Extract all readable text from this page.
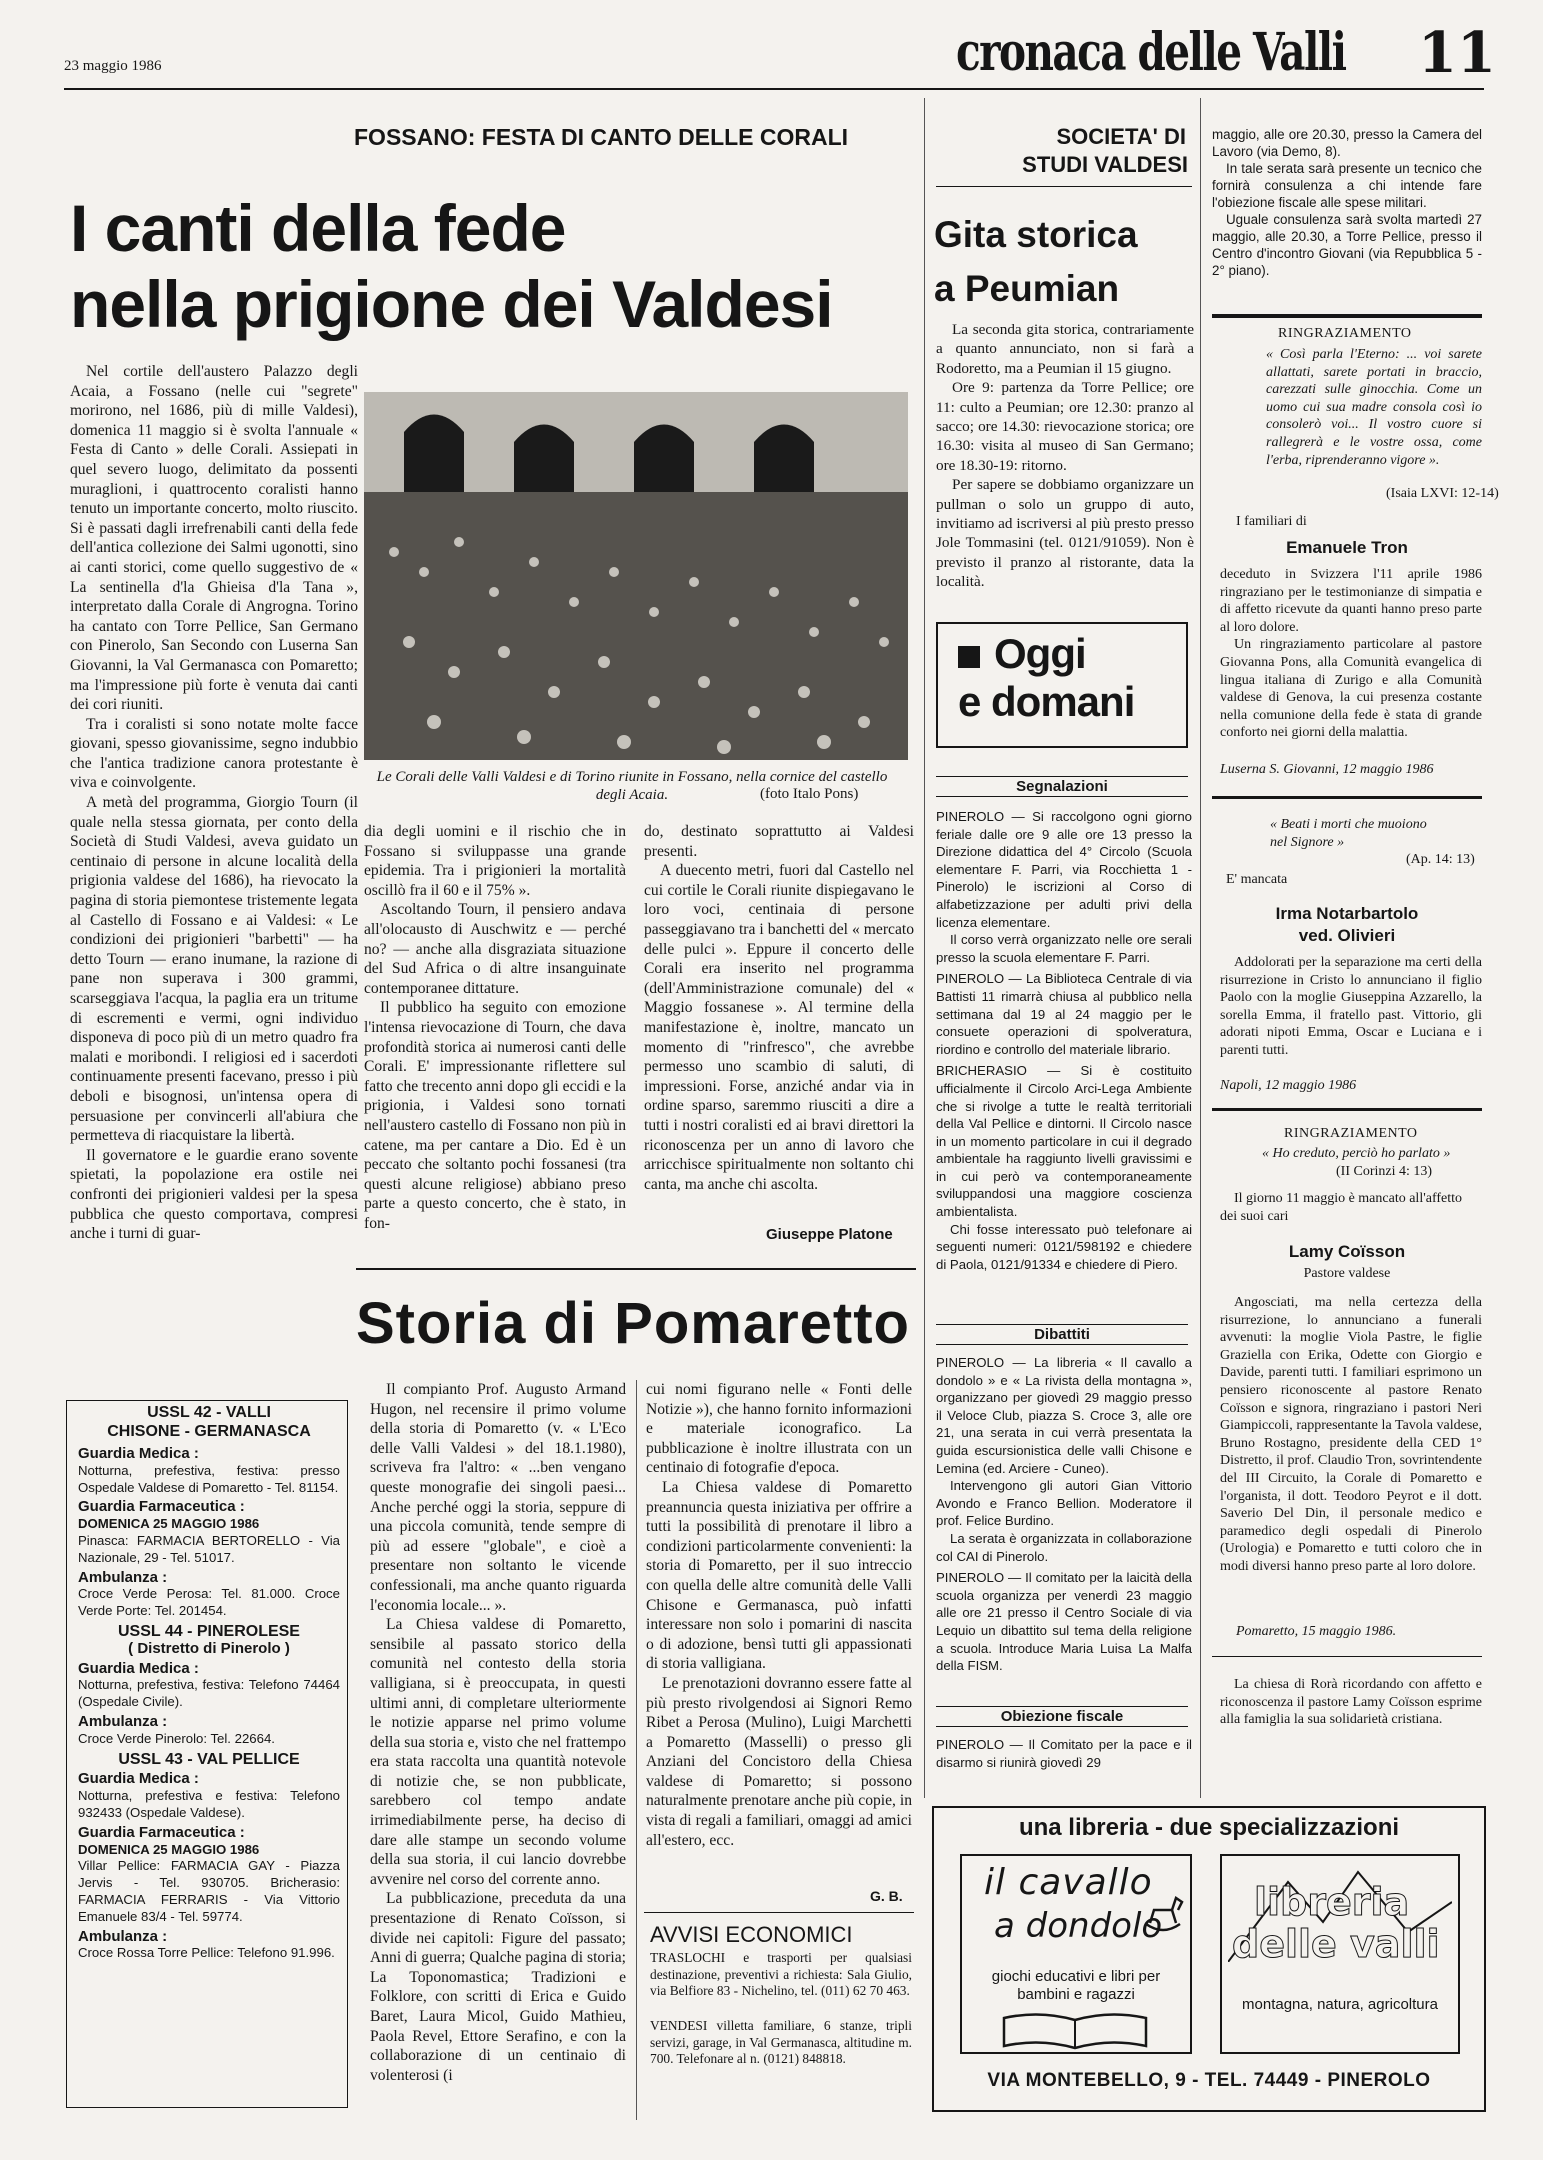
23 maggio 1986	cronaca delle Valli 11
FOSSANO: FESTA DI CANTO DELLE CORALI
I canti della fede
nella prigione dei Valdesi

Nel cortile dell'austero Palazzo degli Acaia, a Fossano (nelle cui "segrete" morirono, nel 1686, più di mille Valdesi), domenica 11 maggio si è svolta l'annuale « Festa di Canto » delle Corali. Assiepati in quel severo luogo, delimitato da possenti muraglioni, i quattrocento coralisti hanno tenuto un importante concerto, molto riuscito. Si è passati dagli irrefrenabili canti della fede dell'antica collezione dei Salmi ugonotti, sino ai canti storici, come quello suggestivo de « La sentinella d'la Ghieisa d'la Tana », interpretato dalla Corale di Angrogna. Torino ha cantato con Torre Pellice, San Germano con Pinerolo, San Secondo con Luserna San Giovanni, la Val Germanasca con Pomaretto; ma l'impressione più forte è venuta dai canti dei cori riuniti.

Tra i coralisti si sono notate molte facce giovani, spesso giovanissime, segno indubbio che l'antica tradizione canora protestante è viva e coinvolgente.

A metà del programma, Giorgio Tourn (il quale nella stessa giornata, per conto della Società di Studi Valdesi, aveva guidato un centinaio di persone in alcune località della prigionia valdese del 1686), ha rievocato la pagina di storia piemontese tristemente legata al Castello di Fossano e ai Valdesi: « Le condizioni dei prigionieri "barbetti" — ha detto Tourn — erano inumane, la razione di pane non superava i 300 grammi, scarseggiava l'acqua, la paglia era un tritume di escrementi e vermi, ogni individuo disponeva di poco più di un metro quadro fra malati e moribondi. I religiosi ed i sacerdoti continuamente presenti facevano, presso i più deboli e bisognosi, un'intensa opera di persuasione per convincerli all'abiura che permetteva di riacquistare la libertà.

Il governatore e le guardie erano sovente spietati, la popolazione era ostile nei confronti dei prigionieri valdesi per la spesa pubblica che questo comportava, compresi anche i turni di guar-

Le Corali delle Valli Valdesi e di Torino riunite in Fossano, nella cornice del castello degli Acaia.	(foto Italo Pons)

dia degli uomini e il rischio che in Fossano si sviluppasse una grande epidemia. Tra i prigionieri la mortalità oscillò fra il 60 e il 75% ».

Ascoltando Tourn, il pensiero andava all'olocausto di Auschwitz e — perché no? — anche alla disgraziata situazione del Sud Africa o di altre insanguinate contemporanee dittature.

Il pubblico ha seguito con emozione l'intensa rievocazione di Tourn, che dava profondità storica ai numerosi canti delle Corali. E' impressionante riflettere sul fatto che trecento anni dopo gli eccidi e la prigionia, i Valdesi sono tornati nell'austero castello di Fossano non più in catene, ma per cantare a Dio. Ed è un peccato che soltanto pochi fossanesi (tra questi alcune religiose) abbiano preso parte a questo concerto, che è stato, in fon-

do, destinato soprattutto ai Valdesi presenti.

A duecento metri, fuori dal Castello nel cui cortile le Corali riunite dispiegavano le loro voci, centinaia di persone passeggiavano tra i banchetti del « mercato delle pulci ». Eppure il concerto delle Corali era inserito nel programma (dell'Amministrazione comunale) del « Maggio fossanese ». Al termine della manifestazione è, inoltre, mancato un momento di "rinfresco", che avrebbe permesso uno scambio di saluti, di impressioni. Forse, anziché andar via in ordine sparso, saremmo riusciti a dire a tutti i nostri coralisti ed ai bravi direttori la riconoscenza per un anno di lavoro che arricchisce spiritualmente non soltanto chi canta, ma anche chi ascolta.

Giuseppe Platone
Storia di Pomaretto

Il compianto Prof. Augusto Armand Hugon, nel recensire il primo volume della storia di Pomaretto (v. « L'Eco delle Valli Valdesi » del 18.1.1980), scriveva fra l'altro: « ...ben vengano queste monografie dei singoli paesi... Anche perché oggi la storia, seppure di una piccola comunità, tende sempre di più ad essere "globale", e cioè a presentare non soltanto le vicende confessionali, ma anche quanto riguarda l'economia locale... ».

La Chiesa valdese di Pomaretto, sensibile al passato storico della comunità nel contesto della storia valligiana, si è preoccupata, in questi ultimi anni, di completare ulteriormente le notizie apparse nel primo volume della sua storia e, visto che nel frattempo era stata raccolta una quantità notevole di notizie che, se non pubblicate, sarebbero col tempo andate irrimediabilmente perse, ha deciso di dare alle stampe un secondo volume della sua storia, il cui lancio dovrebbe avvenire nel corso del corrente anno.

La pubblicazione, preceduta da una presentazione di Renato Coïsson, si divide nei capitoli: Figure del passato; Anni di guerra; Qualche pagina di storia; La Toponomastica; Tradizioni e Folklore, con scritti di Erica e Guido Baret, Laura Micol, Guido Mathieu, Paola Revel, Ettore Serafino, e con la collaborazione di un centinaio di volenterosi (i

cui nomi figurano nelle « Fonti delle Notizie »), che hanno fornito informazioni e materiale iconografico. La pubblicazione è inoltre illustrata con un centinaio di fotografie d'epoca.

La Chiesa valdese di Pomaretto preannuncia questa iniziativa per offrire a tutti la possibilità di prenotare il libro a condizioni particolarmente convenienti: la storia di Pomaretto, per il suo intreccio con quella delle altre comunità delle Valli Chisone e Germanasca, può infatti interessare non solo i pomarini di nascita o di adozione, bensì tutti gli appassionati di storia valligiana.

Le prenotazioni dovranno essere fatte al più presto rivolgendosi ai Signori Remo Ribet a Perosa (Mulino), Luigi Marchetti a Pomaretto (Masselli) o presso gli Anziani del Concistoro della Chiesa valdese di Pomaretto; si possono naturalmente prenotare anche più copie, in vista di regali a familiari, omaggi ad amici all'estero, ecc.

G. B.
AVVISI ECONOMICI
TRASLOCHI e trasporti per qualsiasi destinazione, preventivi a richiesta: Sala Giulio, via Belfiore 83 - Nichelino, tel. (011) 62 70 463.
VENDESI villetta familiare, 6 stanze, tripli servizi, garage, in Val Germanasca, altitudine m. 700. Telefonare al n. (0121) 848818.
USSL 42 - VALLI
CHISONE - GERMANASCA
Guardia Medica :
Notturna, prefestiva, festiva: presso Ospedale Valdese di Pomaretto - Tel. 81154.
Guardia Farmaceutica :
DOMENICA 25 MAGGIO 1986
Pinasca: FARMACIA BERTORELLO - Via Nazionale, 29 - Tel. 51017.
Ambulanza :
Croce Verde Perosa: Tel. 81.000. Croce Verde Porte: Tel. 201454.
USSL 44 - PINEROLESE
( Distretto di Pinerolo )
Guardia Medica :
Notturna, prefestiva, festiva: Telefono 74464 (Ospedale Civile).
Ambulanza :
Croce Verde Pinerolo: Tel. 22664.
USSL 43 - VAL PELLICE
Guardia Medica :
Notturna, prefestiva e festiva: Telefono 932433 (Ospedale Valdese).
Guardia Farmaceutica :
DOMENICA 25 MAGGIO 1986
Villar Pellice: FARMACIA GAY - Piazza Jervis - Tel. 930705. Bricherasio: FARMACIA FERRARIS - Via Vittorio Emanuele 83/4 - Tel. 59774.
Ambulanza :
Croce Rossa Torre Pellice: Telefono 91.996.
SOCIETA' DI
STUDI VALDESI
Gita storica
a Peumian

La seconda gita storica, contrariamente a quanto annunciato, non si farà a Rodoretto, ma a Peumian il 15 giugno.

Ore 9: partenza da Torre Pellice; ore 11: culto a Peumian; ore 12.30: pranzo al sacco; ore 14.30: rievocazione storica; ore 16.30: visita al museo di San Germano; ore 18.30-19: ritorno.

Per sapere se dobbiamo organizzare un pullman o solo un gruppo di auto, invitiamo ad iscriversi al più presto presso Jole Tommasini (tel. 0121/91059). Non è previsto il pranzo al ristorante, data la località.

Oggi
e domani
Segnalazioni
PINEROLO — Si raccolgono ogni giorno feriale dalle ore 9 alle ore 13 presso la Direzione didattica del 4° Circolo (Scuola elementare F. Parri, via Rocchietta 1 - Pinerolo) le iscrizioni al Corso di alfabetizzazione per adulti privi della licenza elementare.
Il corso verrà organizzato nelle ore serali presso la scuola elementare F. Parri.
PINEROLO — La Biblioteca Centrale di via Battisti 11 rimarrà chiusa al pubblico nella settimana dal 19 al 24 maggio per le consuete operazioni di spolveratura, riordino e controllo del materiale librario.
BRICHERASIO — Si è costituito ufficialmente il Circolo Arci-Lega Ambiente che si rivolge a tutte le realtà territoriali della Val Pellice e dintorni. Il Circolo nasce in un momento particolare in cui il degrado ambientale ha raggiunto livelli gravissimi e in cui però va contemporaneamente sviluppandosi una maggiore coscienza ambientalista.
Chi fosse interessato può telefonare ai seguenti numeri: 0121/598192 e chiedere di Paola, 0121/91334 e chiedere di Piero.
Dibattiti
PINEROLO — La libreria « Il cavallo a dondolo » e « La rivista della montagna », organizzano per giovedì 29 maggio presso il Veloce Club, piazza S. Croce 3, alle ore 21, una serata in cui verrà presentata la guida escursionistica delle valli Chisone e Lemina (ed. Arciere - Cuneo).
Intervengono gli autori Gian Vittorio Avondo e Franco Bellion. Moderatore il prof. Felice Burdino.
La serata è organizzata in collaborazione col CAI di Pinerolo.
PINEROLO — Il comitato per la laicità della scuola organizza per venerdì 23 maggio alle ore 21 presso il Centro Sociale di via Lequio un dibattito sul tema della religione a scuola. Introduce Maria Luisa La Malfa della FISM.
Obiezione fiscale
PINEROLO — Il Comitato per la pace e il disarmo si riunirà giovedì 29
maggio, alle ore 20.30, presso la Camera del Lavoro (via Demo, 8).
In tale serata sarà presente un tecnico che fornirà consulenza a chi intende fare l'obiezione fiscale alle spese militari.
Uguale consulenza sarà svolta martedì 27 maggio, alle 20.30, a Torre Pellice, presso il Centro d'incontro Giovani (via Repubblica 5 - 2° piano).
RINGRAZIAMENTO
« Così parla l'Eterno: ... voi sarete allattati, sarete portati in braccio, carezzati sulle ginocchia. Come un uomo cui sua madre consola così io consolerò voi... Il vostro cuore si rallegrerà e le vostre ossa, come l'erba, riprenderanno vigore ».
(Isaia LXVI: 12-14)
I familiari di
Emanuele Tron
deceduto in Svizzera l'11 aprile 1986 ringraziano per le testimonianze di simpatia e di affetto ricevute da quanti hanno preso parte al loro dolore.
Un ringraziamento particolare al pastore Giovanna Pons, alla Comunità evangelica di lingua italiana di Zurigo e alla Comunità valdese di Genova, la cui presenza costante nella comunione della fede è stata di grande conforto nei giorni della malattia.
Luserna S. Giovanni, 12 maggio 1986
« Beati i morti che muoiono nel Signore »
(Ap. 14: 13)
E' mancata
Irma Notarbartolo
ved. Olivieri
Addolorati per la separazione ma certi della risurrezione in Cristo lo annunciano il figlio Paolo con la moglie Giuseppina Azzarello, la sorella Emma, il fratello past. Vittorio, gli adorati nipoti Emma, Oscar e Luciana e i parenti tutti.
Napoli, 12 maggio 1986
RINGRAZIAMENTO
« Ho creduto, perciò ho parlato »
(II Corinzi 4: 13)
Il giorno 11 maggio è mancato all'affetto dei suoi cari
Lamy Coïsson
Pastore valdese
Angosciati, ma nella certezza della risurrezione, lo annunciano a funerali avvenuti: la moglie Viola Pastre, le figlie Graziella con Erika, Odette con Giorgio e Davide, parenti tutti. I familiari esprimono un pensiero riconoscente al pastore Renato Coïsson e signora, ringraziano i pastori Neri Giampiccoli, rappresentante la Tavola valdese, Bruno Rostagno, presidente della CED 1° Distretto, il prof. Claudio Tron, sovrintendente del III Circuito, la Corale di Pomaretto e l'organista, il dott. Teodoro Peyrot e il dott. Saverio Del Din, il personale medico e paramedico degli ospedali di Pinerolo (Urologia) e Pomaretto e tutti coloro che in modi diversi hanno preso parte al loro dolore.
Pomaretto, 15 maggio 1986.
La chiesa di Rorà ricordando con affetto e riconoscenza il pastore Lamy Coïsson esprime alla famiglia la sua solidarietà cristiana.
una libreria - due specializzazioni
il cavallo
a dondolo
giochi educativi e libri per bambini e ragazzi
libreria
delle valli
montagna, natura, agricoltura
VIA MONTEBELLO, 9 - TEL. 74449 - PINEROLO
